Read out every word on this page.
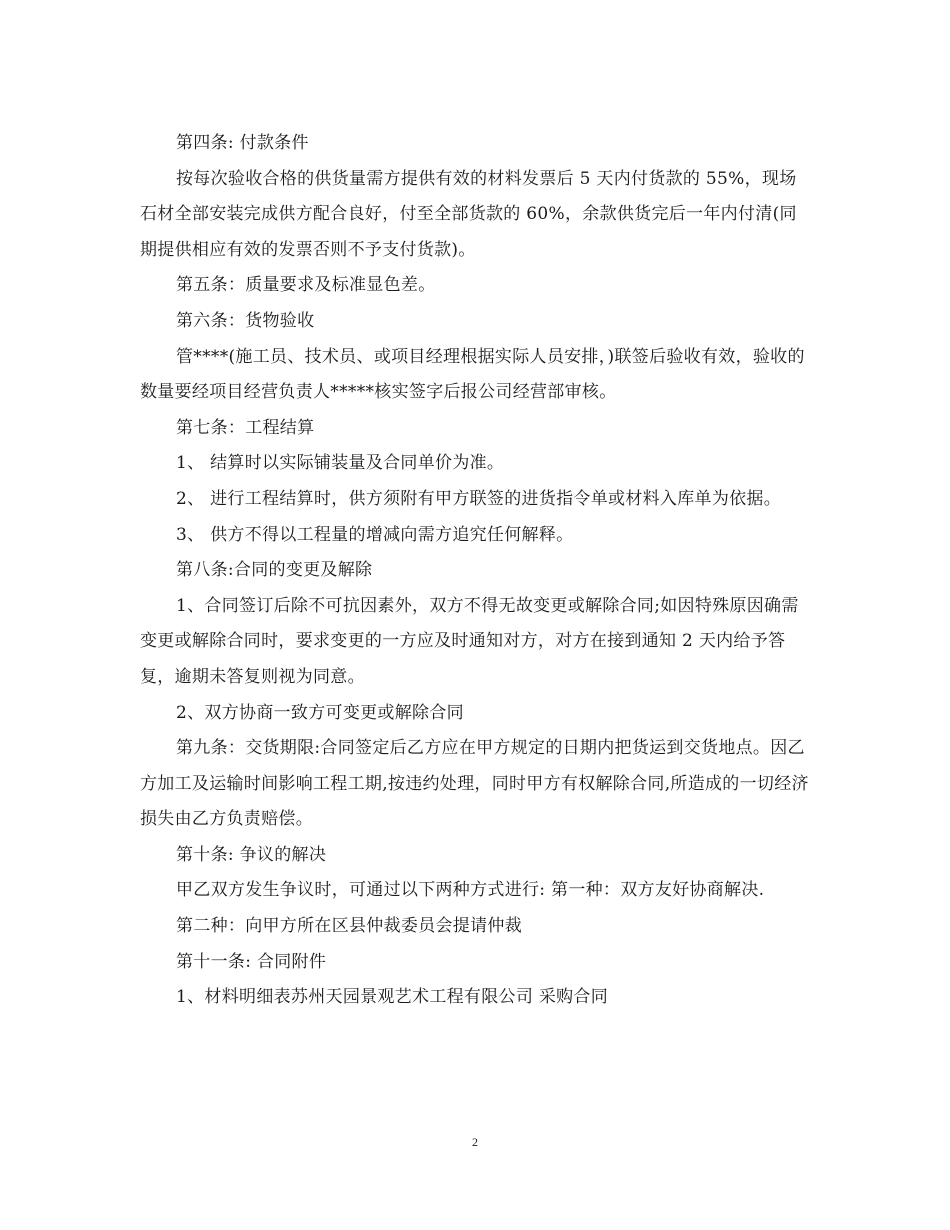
第四条: 付款条件

按每次验收合格的供货量需方提供有效的材料发票后 5 天内付货款的 55%，现场石材全部安装完成供方配合良好，付至全部货款的 60%，余款供货完后一年内付清(同期提供相应有效的发票否则不予支付货款)。

第五条：质量要求及标准显色差。

第六条：货物验收

管****(施工员、技术员、或项目经理根据实际人员安排，)联签后验收有效，验收的数量要经项目经营负责人*****核实签字后报公司经营部审核。

第七条：工程结算

1、 结算时以实际铺装量及合同单价为准。

2、 进行工程结算时，供方须附有甲方联签的进货指令单或材料入库单为依据。

3、 供方不得以工程量的增减向需方追究任何解释。

第八条:合同的变更及解除

1、合同签订后除不可抗因素外，双方不得无故变更或解除合同;如因特殊原因确需变更或解除合同时，要求变更的一方应及时通知对方，对方在接到通知 2 天内给予答复，逾期未答复则视为同意。

2、双方协商一致方可变更或解除合同

第九条：交货期限:合同签定后乙方应在甲方规定的日期内把货运到交货地点。因乙方加工及运输时间影响工程工期,按违约处理，同时甲方有权解除合同,所造成的一切经济损失由乙方负责赔偿。

第十条: 争议的解决

甲乙双方发生争议时，可通过以下两种方式进行: 第一种：双方友好协商解决.

第二种：向甲方所在区县仲裁委员会提请仲裁

第十一条: 合同附件

1、材料明细表苏州天园景观艺术工程有限公司 采购合同

2
